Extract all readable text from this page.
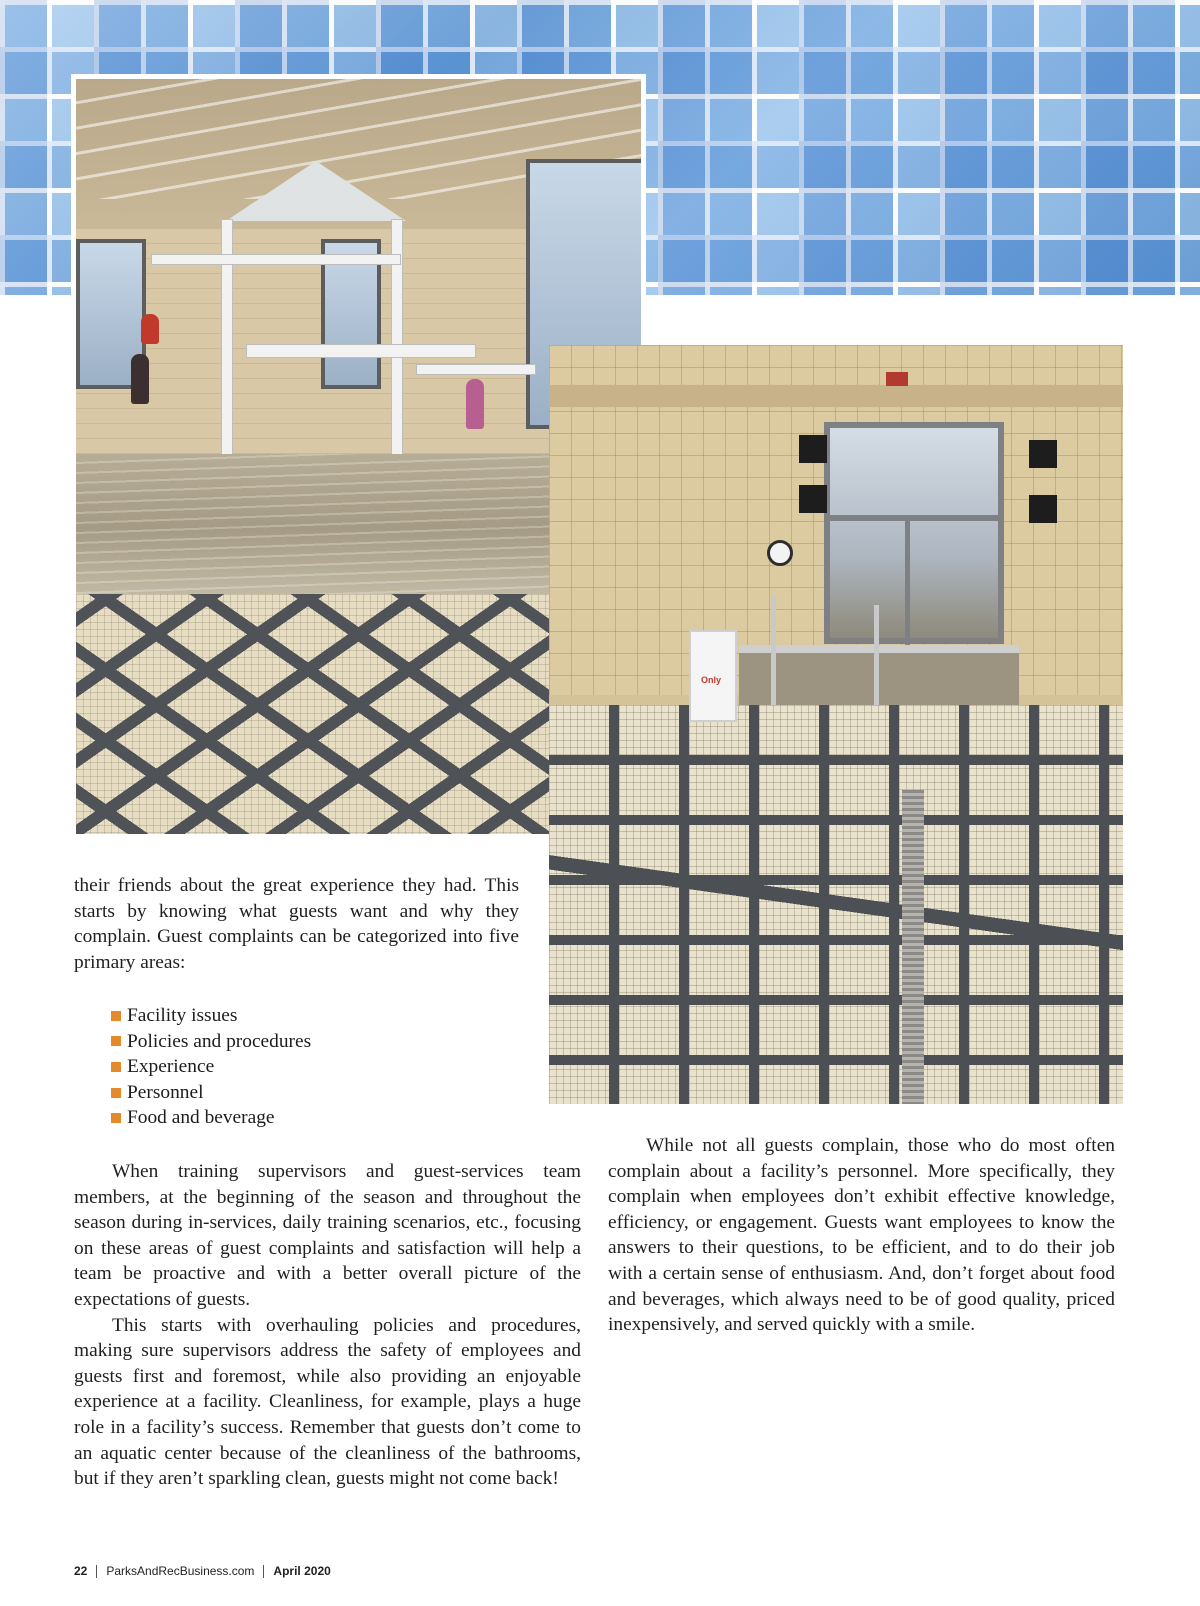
Only

their friends about the great experience they had. This starts by knowing what guests want and why they complain. Guest complaints can be categorized into five primary areas:

Facility issues
Policies and procedures
Experience
Personnel
Food and beverage

When training supervisors and guest-services team members, at the beginning of the season and throughout the season during in-services, daily training scenarios, etc., focusing on these areas of guest complaints and satisfaction will help a team be proactive and with a better overall picture of the expectations of guests.

This starts with overhauling policies and procedures, making sure supervisors address the safety of employees and guests first and foremost, while also providing an enjoyable experience at a facility. Cleanliness, for example, plays a huge role in a facility’s success. Remember that guests don’t come to an aquatic center because of the cleanliness of the bathrooms, but if they aren’t sparkling clean, guests might not come back!

While not all guests complain, those who do most often complain about a facility’s personnel. More specifically, they complain when employees don’t exhibit effective knowledge, efficiency, or engagement. Guests want employees to know the answers to their questions, to be efficient, and to do their job with a certain sense of enthusiasm. And, don’t forget about food and beverages, which always need to be of good quality, priced inexpensively, and served quickly with a smile.

22 ParksAndRecBusiness.com April 2020
